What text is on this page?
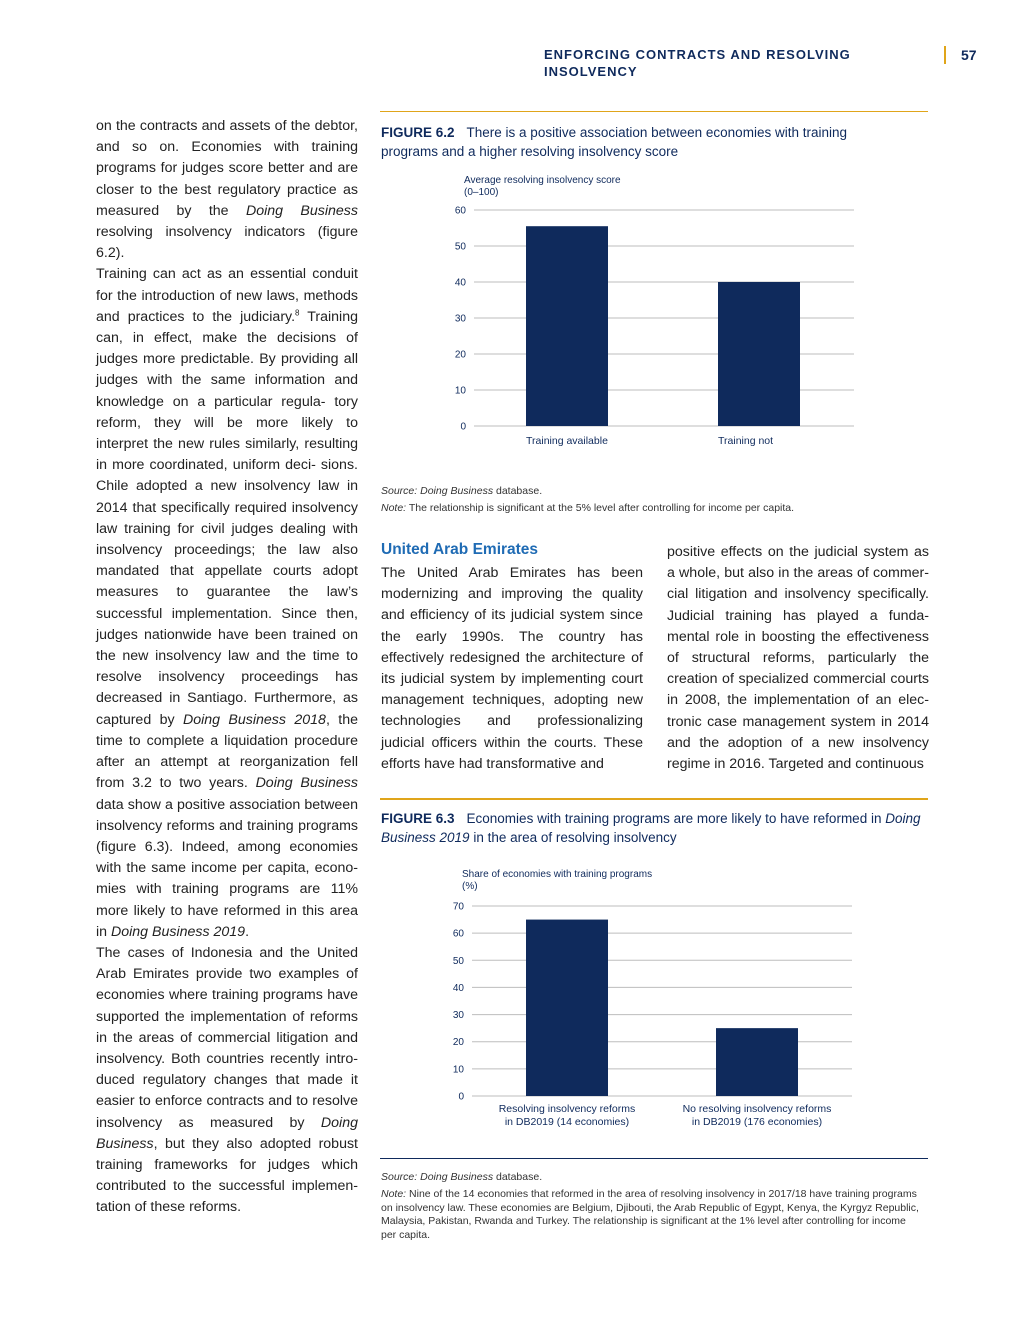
ENFORCING CONTRACTS AND RESOLVING INSOLVENCY
57

on the contracts and assets of the debtor, and so on. Economies with training programs for judges score better and are closer to the best regulatory practice as measured by the Doing Business resolving insolvency indicators (figure 6.2).

Training can act as an essential conduit for the introduction of new laws, methods and practices to the judiciary.$^8$ Training can, in effect, make the decisions of judges more predictable. By providing all judges with the same information and knowledge on a particular regula- tory reform, they will be more likely to interpret the new rules similarly, resulting in more coordinated, uniform deci- sions. Chile adopted a new insolvency law in 2014 that specifically required insolvency law training for civil judges dealing with insolvency proceedings; the law also mandated that appellate courts adopt measures to guarantee the law’s successful implementation. Since then, judges nationwide have been trained on the new insolvency law and the time to resolve insolvency proceedings has decreased in Santiago. Furthermore, as captured by Doing Business 2018, the time to complete a liquidation procedure after an attempt at reorganization fell from 3.2 to two years. Doing Business data show a positive association between insolvency reforms and training programs (figure 6.3). Indeed, among economies with the same income per capita, econo- mies with training programs are 11% more likely to have reformed in this area in Doing Business 2019.

The cases of Indonesia and the United Arab Emirates provide two examples of economies where training programs have supported the implementation of reforms in the areas of commercial litigation and insolvency. Both countries recently intro- duced regulatory changes that made it easier to enforce contracts and to resolve insolvency as measured by Doing Business, but they also adopted robust training frameworks for judges which contributed to the successful implemen- tation of these reforms.

FIGURE 6.2 There is a positive association between economies with training programs and a higher resolving insolvency score
Average resolving insolvency score
(0–100)
0
10
20
30
40
50
60
Training available	Training not
Source: Doing Business database.
Note: The relationship is significant at the 5% level after controlling for income per capita.
United Arab Emirates

The United Arab Emirates has been modernizing and improving the quality and efficiency of its judicial system since the early 1990s. The country has effectively redesigned the architecture of its judicial system by implementing court management techniques, adopting new technologies and professionalizing judicial officers within the courts. These efforts have had transformative and

positive effects on the judicial system as a whole, but also in the areas of commer- cial litigation and insolvency specifically. Judicial training has played a funda- mental role in boosting the effectiveness of structural reforms, particularly the creation of specialized commercial courts in 2008, the implementation of an elec- tronic case management system in 2014 and the adoption of a new insolvency regime in 2016. Targeted and continuous

FIGURE 6.3 Economies with training programs are more likely to have reformed in Doing Business 2019 in the area of resolving insolvency
Share of economies with training programs
(%)
0
10
20
30
40
50
60
70
Resolving insolvency reforms
in DB2019 (14 economies)
No resolving insolvency reforms
in DB2019 (176 economies)
Source: Doing Business database.
Note: Nine of the 14 economies that reformed in the area of resolving insolvency in 2017/18 have training programs on insolvency law. These economies are Belgium, Djibouti, the Arab Republic of Egypt, Kenya, the Kyrgyz Republic, Malaysia, Pakistan, Rwanda and Turkey. The relationship is significant at the 1% level after controlling for income per capita.
